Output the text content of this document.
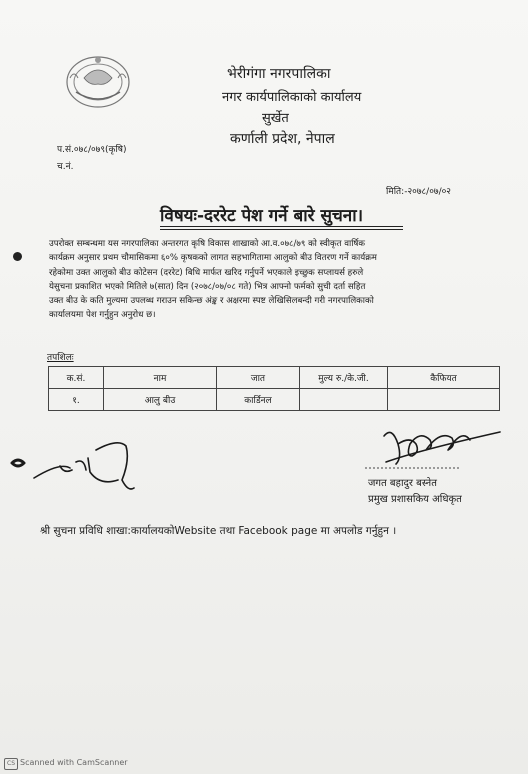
भेरीगंगा नगरपालिका
नगर कार्यपालिकाको कार्यालय
सुर्खेत
कर्णाली प्रदेश, नेपाल
प.सं.०७८/०७९(कृषि)
च.नं.
मिति:-२०७८/०७/०२
विषयः-दररेट पेश गर्ने बारे सुचना।
उपरोक्त सम्बन्धमा यस नगरपालिका अन्तरगत कृषि विकास शाखाको आ.व.०७८/७९ को स्वीकृत वार्षिक
कार्यक्रम अनुसार प्रथम चौमासिकमा ६०% कृषकको लागत सहभागितामा आलुको बीउ वितरण गर्ने कार्यक्रम
रहेकोमा उक्त आलुको बीउ कोटेसन (दररेट) बिधि मार्फत खरिद गर्नुपर्ने भएकाले इच्छुक सप्लायर्स हरुले
येसुचना प्रकाशित भएको मितिले ७(सात) दिन (२०७८/०७/०८ गते) भित्र आफ्नो फर्मको सुची दर्ता सहित
उक्त बीउ के कति मुल्यमा उपलब्ध गराउन सकिन्छ अंङ्क र अक्षरमा स्पष्ट लेखिसिलबन्दी गरी नगरपालिकाको
कार्यालयमा पेश गर्नुहुन अनुरोध छ।
तपशिलः
क.सं.	नाम	जात	मुल्य रु./के.जी.	कैफियत
१.	आलु बीउ	कार्डिनल		
जगत बहादुर बस्नेत
प्रमुख प्रशासकिय अधिकृत
श्री सुचना प्रविधि शाखा:कार्यालयकोWebsite तथा Facebook page मा अपलोड गर्नुहुन ।
CS Scanned with CamScanner
